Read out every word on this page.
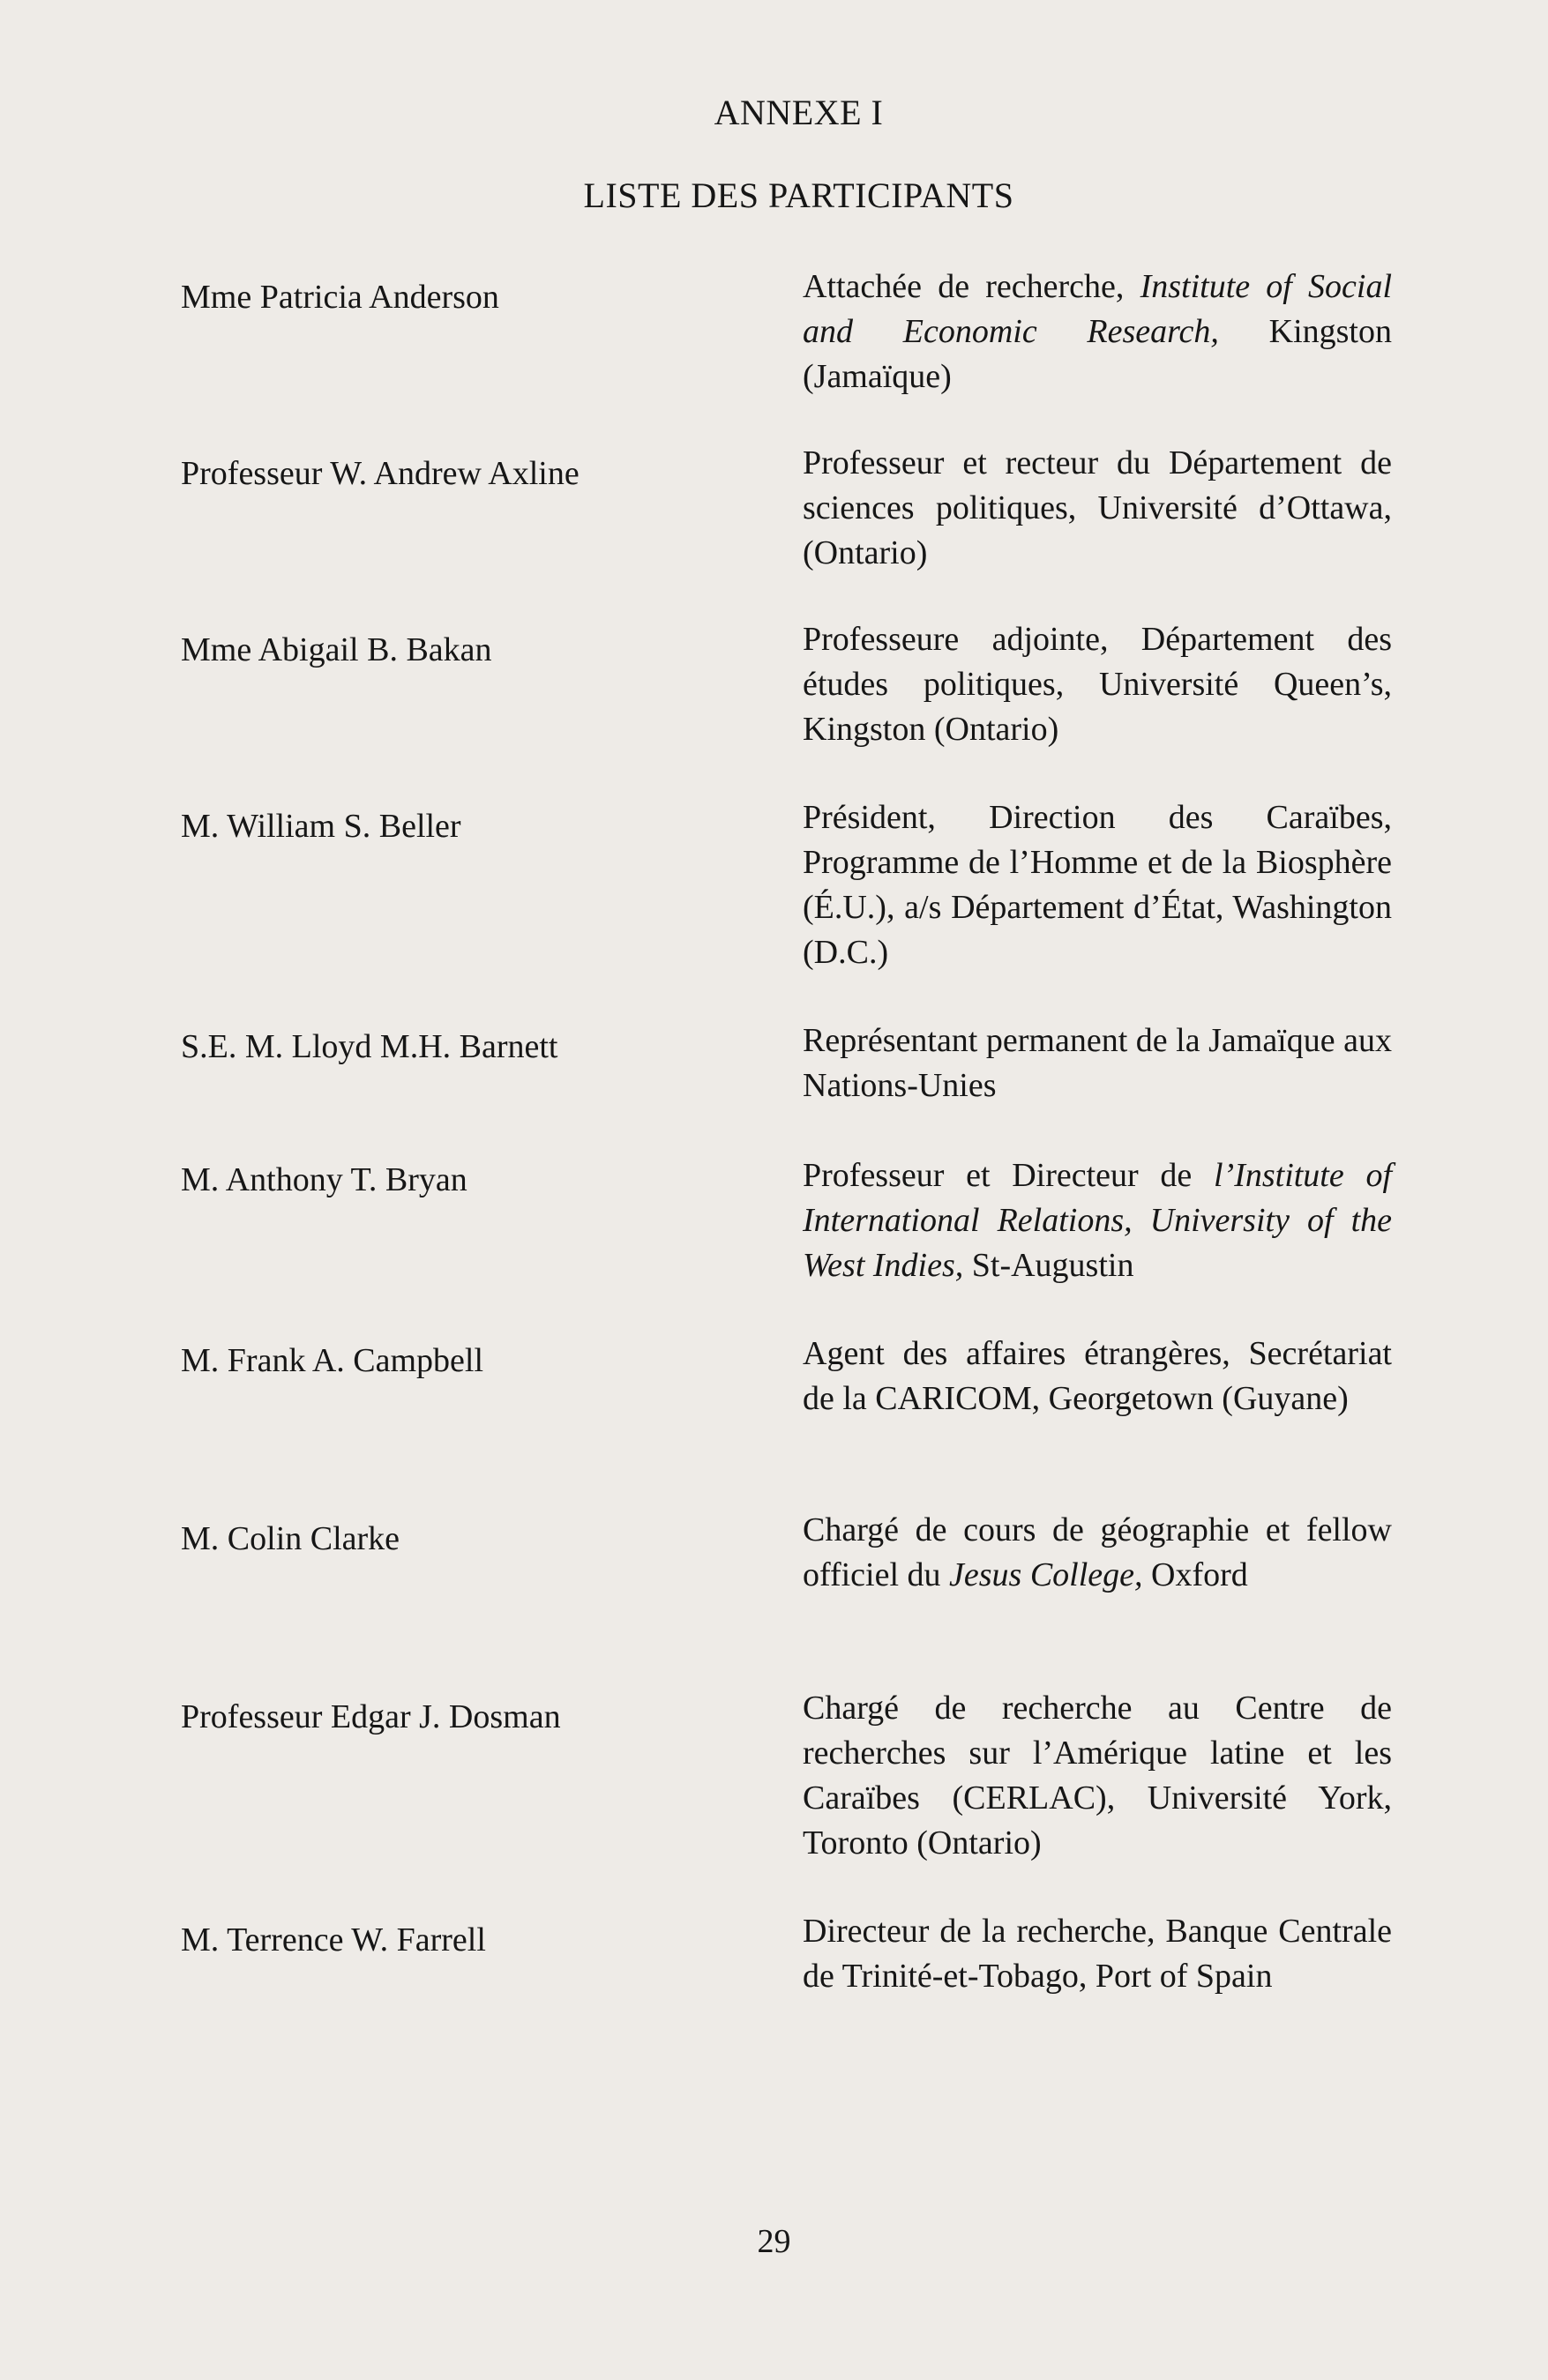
ANNEXE I
LISTE DES PARTICIPANTS
Mme Patricia Anderson	Attachée de recherche, Institute of Social and Economic Research, Kingston (Jamaïque)
Professeur W. Andrew Axline	Professeur et recteur du Département de sciences politiques, Université d’Ottawa, (Ontario)
Mme Abigail B. Bakan	Professeure adjointe, Département des études politiques, Université Queen’s, Kingston (Ontario)
M. William S. Beller	Président, Direction des Caraïbes, Programme de l’Homme et de la Biosphère (É.U.), a/s Département d’État, Washington (D.C.)
S.E. M. Lloyd M.H. Barnett	Représentant permanent de la Jamaïque aux Nations-Unies
M. Anthony T. Bryan	Professeur et Directeur de l’Institute of International Relations, University of the West Indies, St-Augustin
M. Frank A. Campbell	Agent des affaires étrangères, Secrétariat de la CARICOM, Georgetown (Guyane)
M. Colin Clarke	Chargé de cours de géographie et fellow officiel du Jesus College, Oxford
Professeur Edgar J. Dosman	Chargé de recherche au Centre de recherches sur l’Amérique latine et les Caraïbes (CERLAC), Université York, Toronto (Ontario)
M. Terrence W. Farrell	Directeur de la recherche, Banque Centrale de Trinité-et-Tobago, Port of Spain
29
